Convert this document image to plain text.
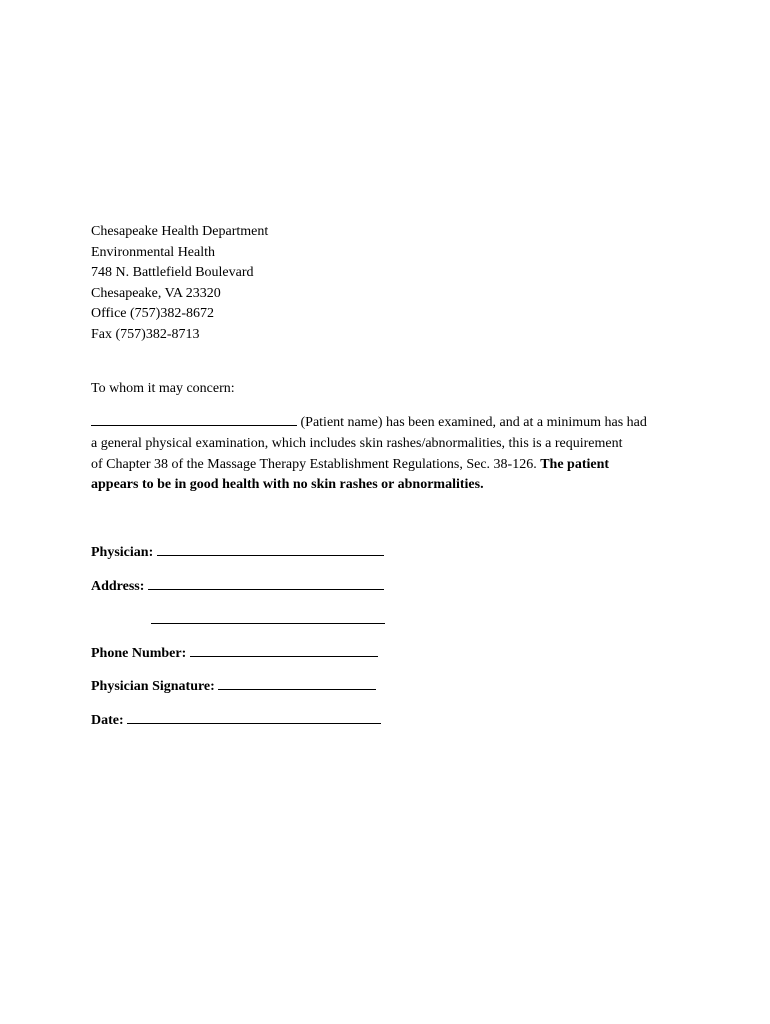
Chesapeake Health Department
Environmental Health
748 N. Battlefield Boulevard
Chesapeake, VA 23320
Office (757)382-8672
Fax (757)382-8713
To whom it may concern:
(Patient name) has been examined, and at a minimum has had
a general physical examination, which includes skin rashes/abnormalities, this is a requirement
of Chapter 38 of the Massage Therapy Establishment Regulations, Sec. 38-126. The patient
appears to be in good health with no skin rashes or abnormalities.
Physician:
Address:
Phone Number:
Physician Signature:
Date:
